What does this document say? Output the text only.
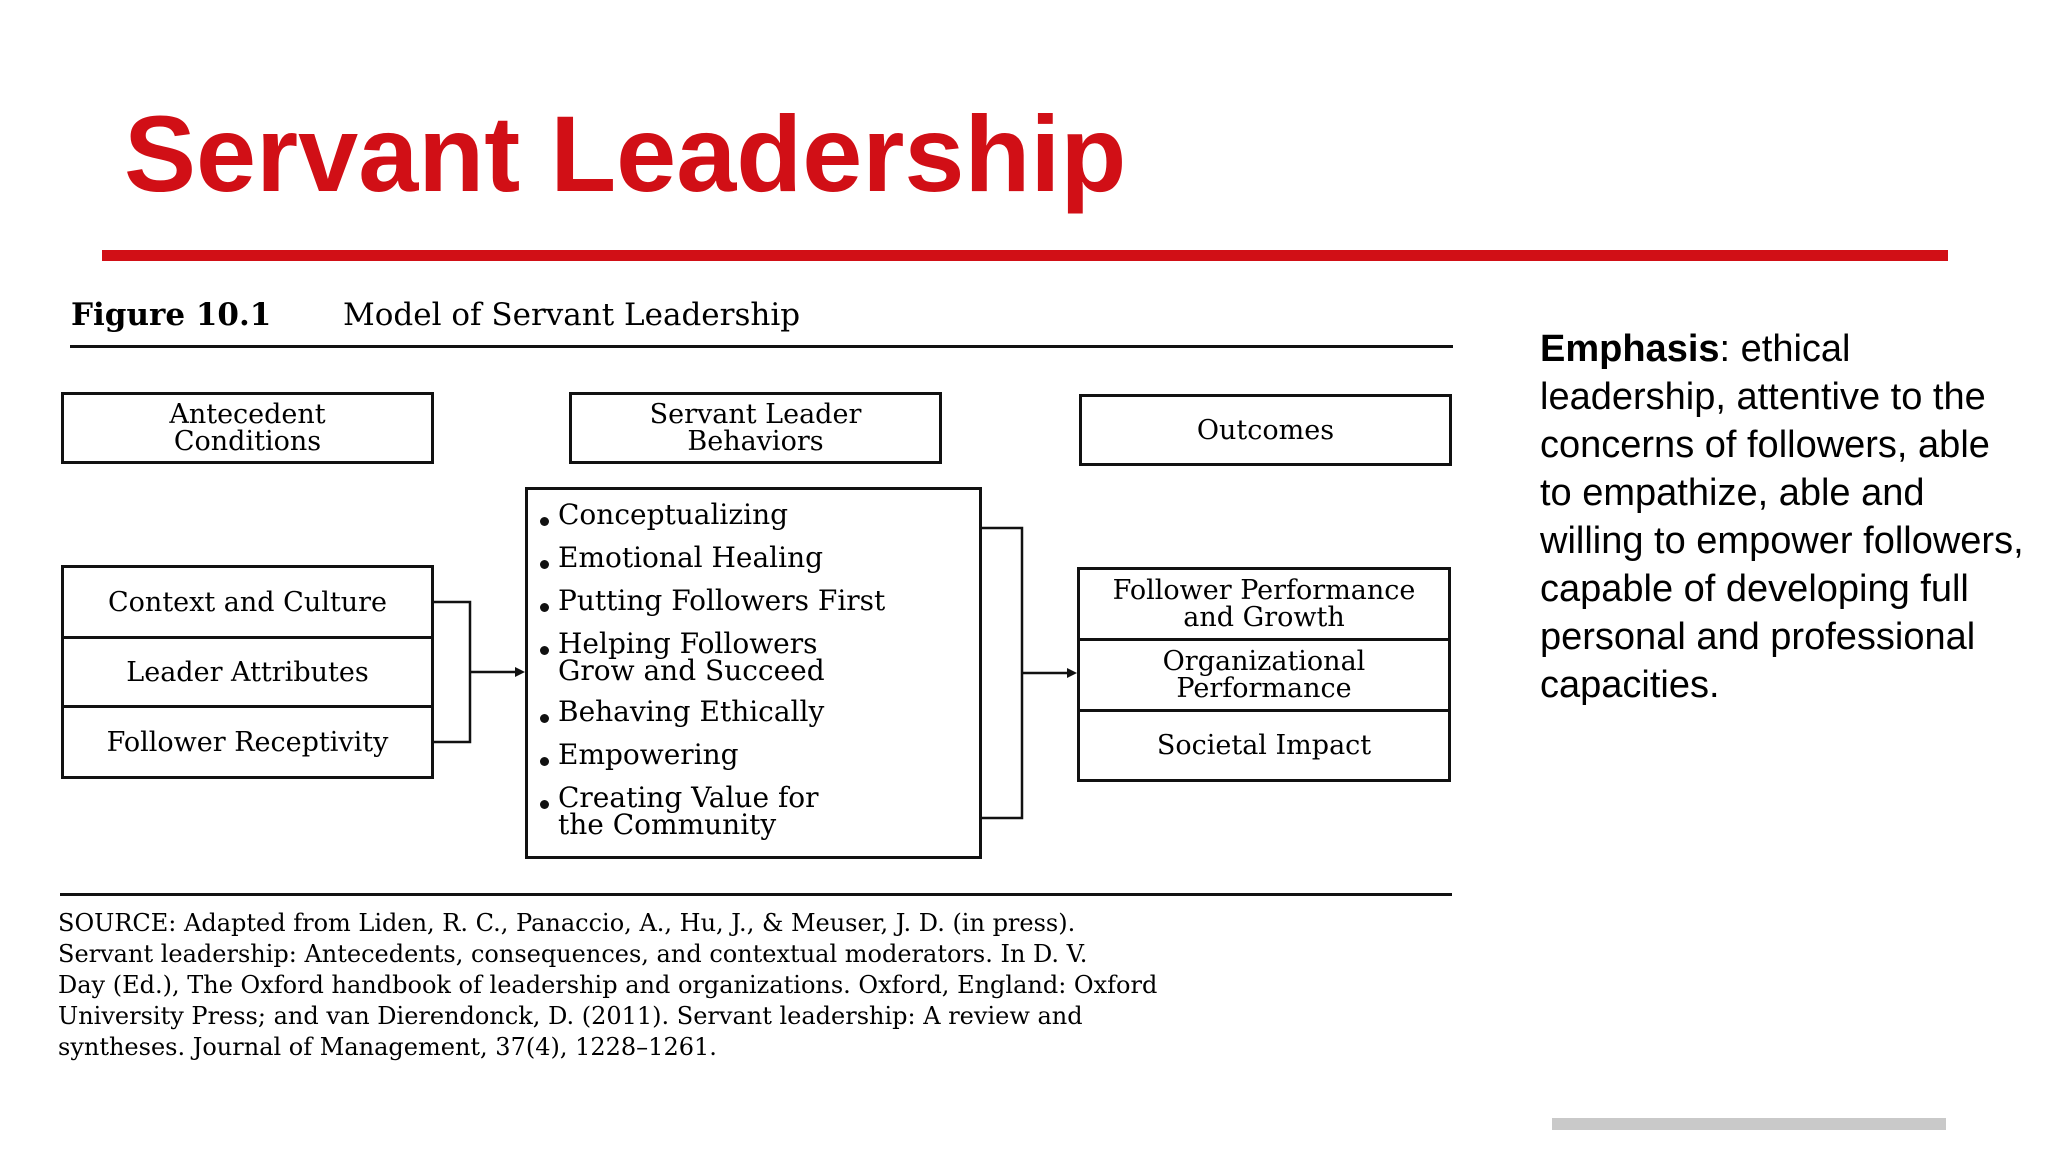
Servant Leadership
Figure 10.1 Model of Servant Leadership
Antecedent
Conditions
Servant Leader
Behaviors	Outcomes
Context and Culture
Leader Attributes
Follower Receptivity
Conceptualizing
Emotional Healing
Putting Followers First
Helping Followers
Grow and Succeed
Behaving Ethically
Empowering
Creating Value for
the Community
Follower Performance
and Growth
Organizational
Performance
Societal Impact
SOURCE: Adapted from Liden, R. C., Panaccio, A., Hu, J., & Meuser, J. D. (in press).
Servant leadership: Antecedents, consequences, and contextual moderators. In D. V.
Day (Ed.), The Oxford handbook of leadership and organizations. Oxford, England: Oxford
University Press; and van Dierendonck, D. (2011). Servant leadership: A review and
syntheses. Journal of Management, 37(4), 1228–1261.
Emphasis: ethical leadership, attentive to the concerns of followers, able to empathize, able and willing to empower followers, capable of developing full personal and professional capacities.
